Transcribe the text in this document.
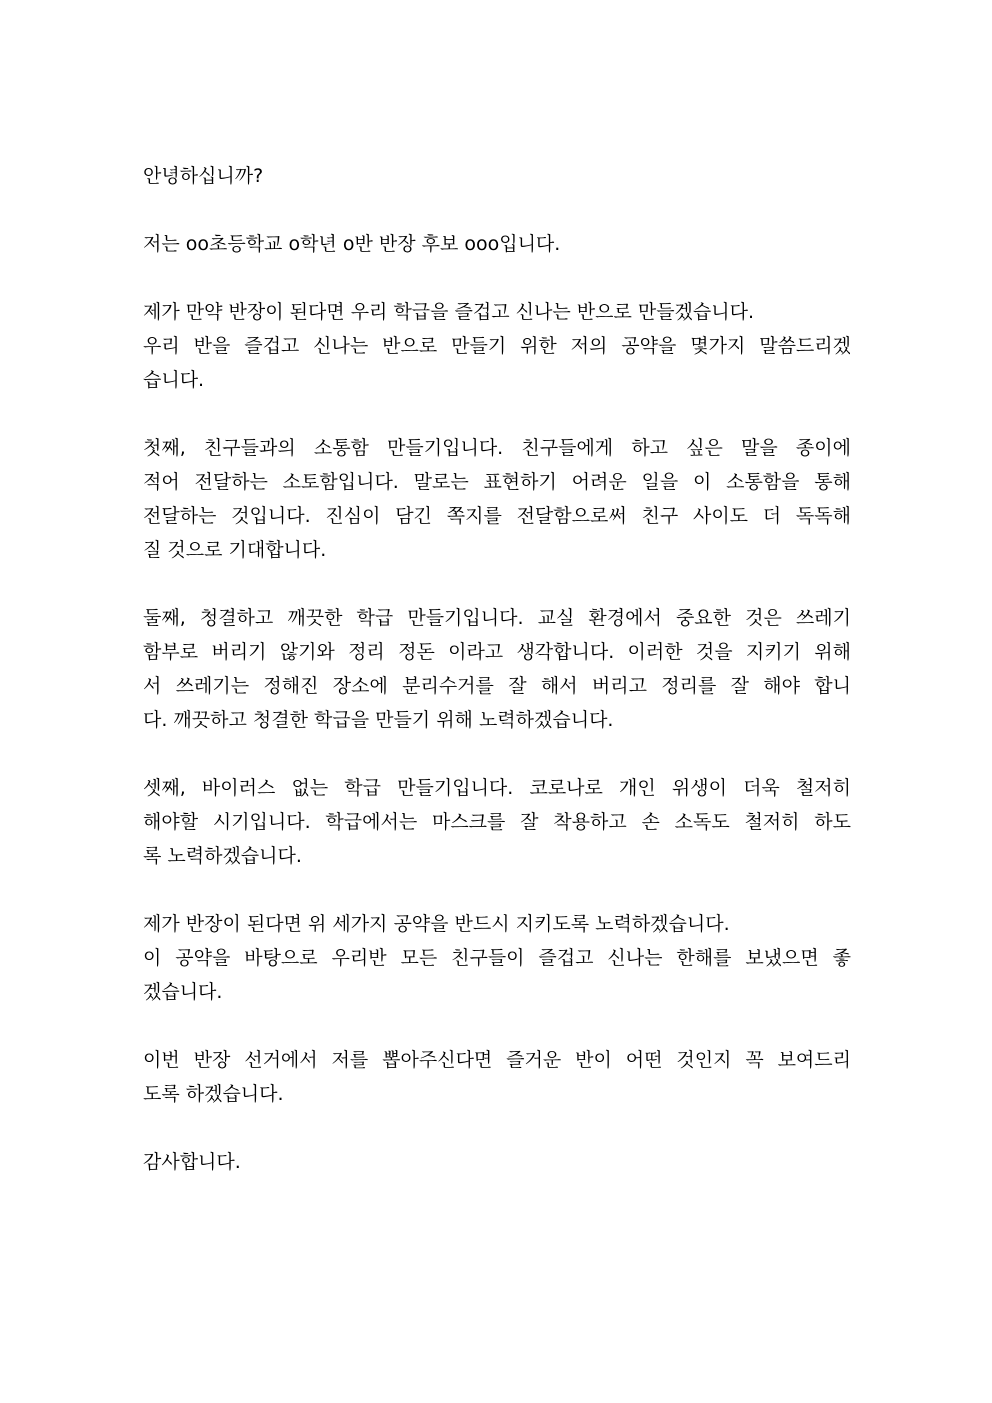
안녕하십니까?
저는 oo초등학교 o학년 o반 반장 후보 ooo입니다.
제가 만약 반장이 된다면 우리 학급을 즐겁고 신나는 반으로 만들겠습니다.
우리 반을 즐겁고 신나는 반으로 만들기 위한 저의 공약을 몇가지 말씀드리겠
습니다.
첫째, 친구들과의 소통함 만들기입니다. 친구들에게 하고 싶은 말을 종이에
적어 전달하는 소토함입니다. 말로는 표현하기 어려운 일을 이 소통함을 통해
전달하는 것입니다. 진심이 담긴 쪽지를 전달함으로써 친구 사이도 더 독독해
질 것으로 기대합니다.
둘째, 청결하고 깨끗한 학급 만들기입니다. 교실 환경에서 중요한 것은 쓰레기
함부로 버리기 않기와 정리 정돈 이라고 생각합니다. 이러한 것을 지키기 위해
서 쓰레기는 정해진 장소에 분리수거를 잘 해서 버리고 정리를 잘 해야 합니
다. 깨끗하고 청결한 학급을 만들기 위해 노력하겠습니다.
셋째, 바이러스 없는 학급 만들기입니다. 코로나로 개인 위생이 더욱 철저히
해야할 시기입니다. 학급에서는 마스크를 잘 착용하고 손 소독도 철저히 하도
록 노력하겠습니다.
제가 반장이 된다면 위 세가지 공약을 반드시 지키도록 노력하겠습니다.
이 공약을 바탕으로 우리반 모든 친구들이 즐겁고 신나는 한해를 보냈으면 좋
겠습니다.
이번 반장 선거에서 저를 뽑아주신다면 즐거운 반이 어떤 것인지 꼭 보여드리
도록 하겠습니다.
감사합니다.
